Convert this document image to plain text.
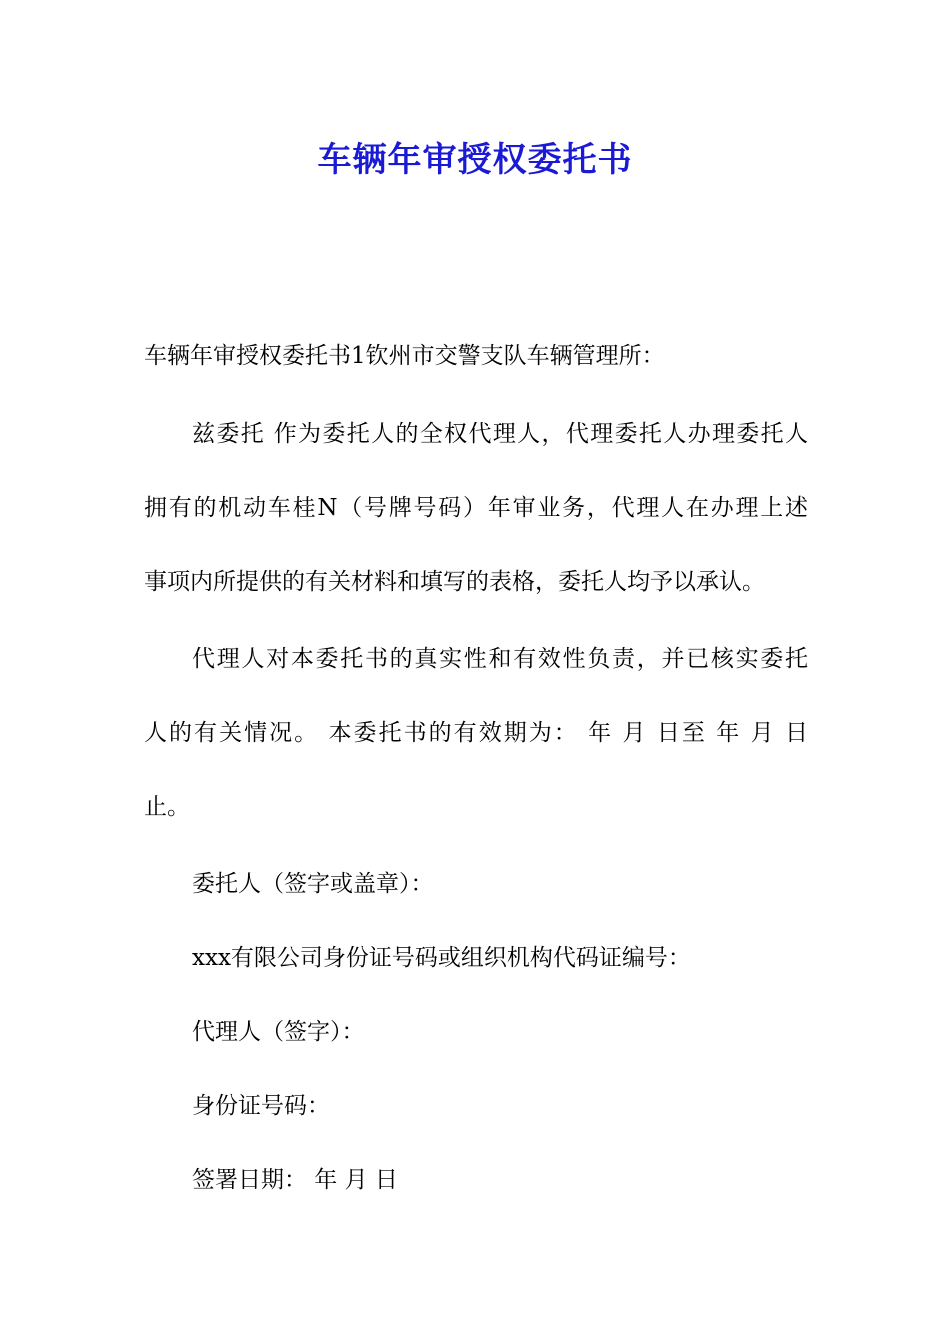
车辆年审授权委托书

车辆年审授权委托书1钦州市交警支队车辆管理所：

兹委托 作为委托人的全权代理人，代理委托人办理委托人

拥有的机动车桂N（号牌号码）年审业务，代理人在办理上述

事项内所提供的有关材料和填写的表格，委托人均予以承认。

代理人对本委托书的真实性和有效性负责，并已核实委托

人的有关情况。 本委托书的有效期为： 年 月 日至 年 月 日

止。

委托人（签字或盖章）：

xxx有限公司身份证号码或组织机构代码证编号：

代理人（签字）：

身份证号码：

签署日期： 年 月 日
